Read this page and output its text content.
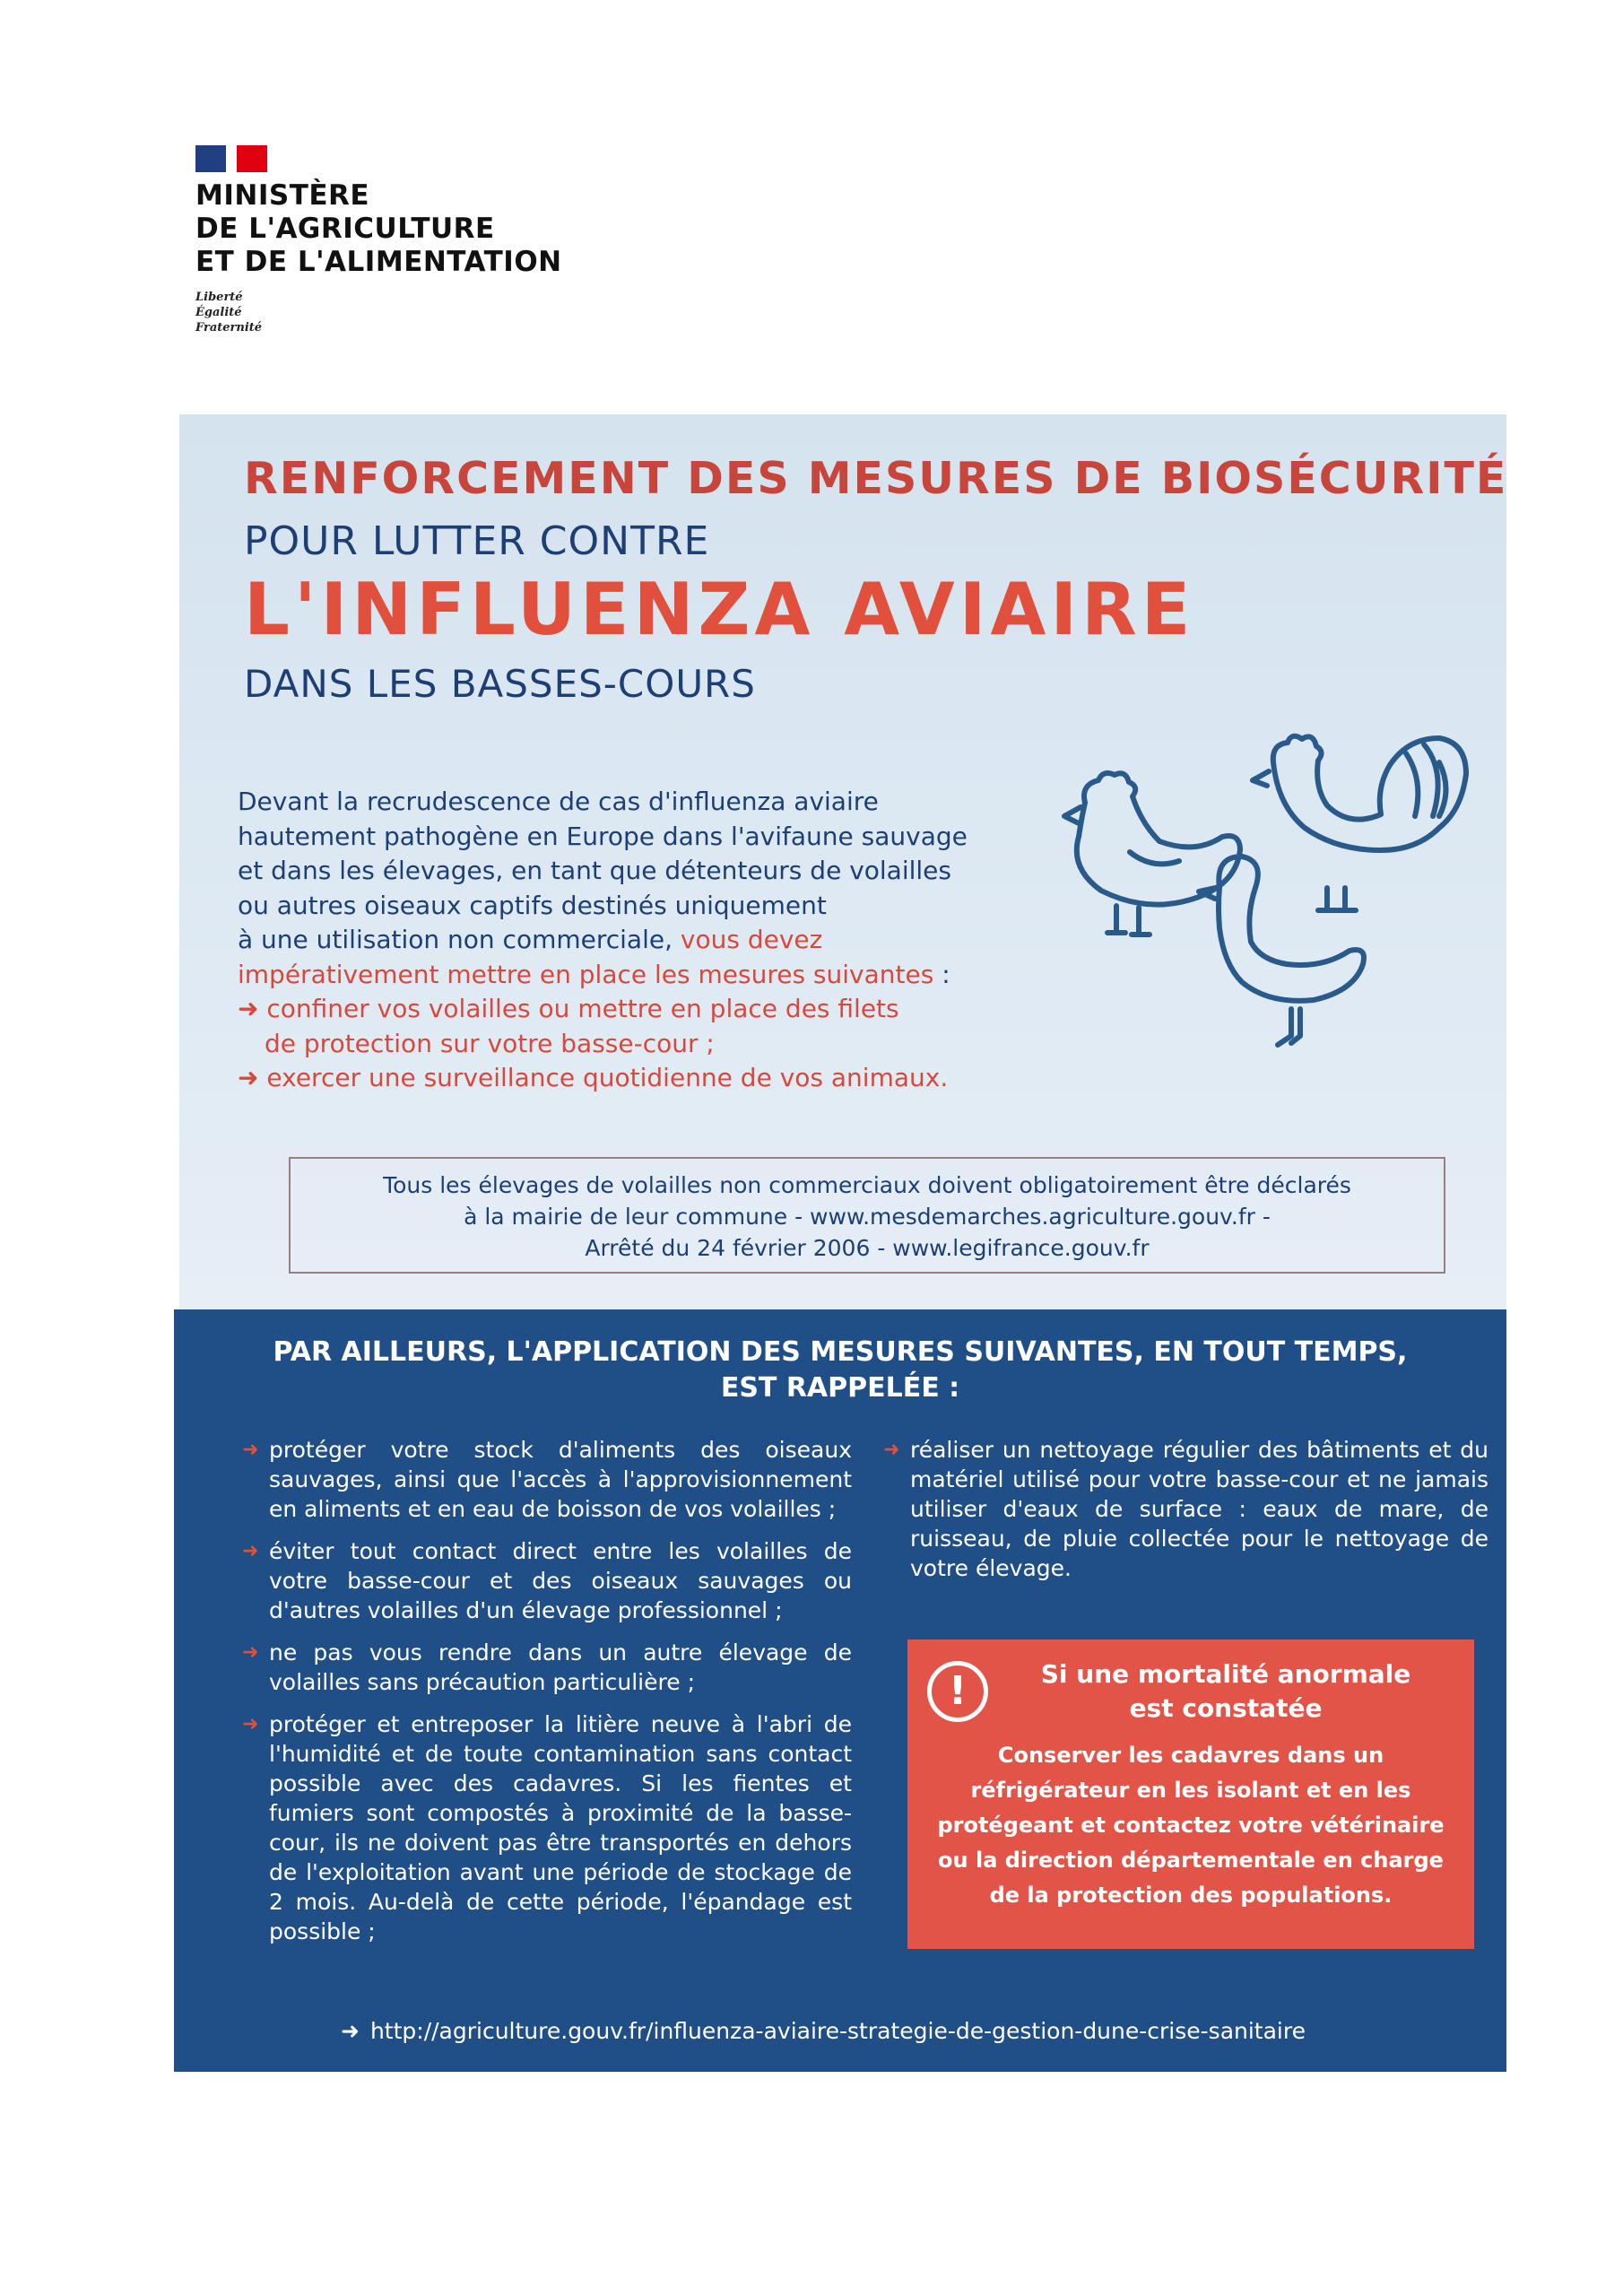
MINISTÈRE
DE L'AGRICULTURE
ET DE L'ALIMENTATION
Liberté
Égalité
Fraternité
RENFORCEMENT DES MESURES DE BIOSÉCURITÉ
POUR LUTTER CONTRE
L'INFLUENZA AVIAIRE
DANS LES BASSES-COURS
Devant la recrudescence de cas d'influenza aviaire
hautement pathogène en Europe dans l'avifaune sauvage
et dans les élevages, en tant que détenteurs de volailles
ou autres oiseaux captifs destinés uniquement
à une utilisation non commerciale, vous devez
impérativement mettre en place les mesures suivantes :
➜ confiner vos volailles ou mettre en place des filets
de protection sur votre basse-cour ;
➜ exercer une surveillance quotidienne de vos animaux.
Tous les élevages de volailles non commerciaux doivent obligatoirement être déclarés
à la mairie de leur commune - www.mesdemarches.agriculture.gouv.fr -
Arrêté du 24 février 2006 - www.legifrance.gouv.fr
PAR AILLEURS, L'APPLICATION DES MESURES SUIVANTES, EN TOUT TEMPS,
EST RAPPELÉE :
➜ protéger votre stock d'aliments des oiseaux sauvages, ainsi que l'accès à l'approvisionnement en aliments et en eau de boisson de vos volailles ;
➜ éviter tout contact direct entre les volailles de votre basse-cour et des oiseaux sauvages ou d'autres volailles d'un élevage professionnel ;
➜ ne pas vous rendre dans un autre élevage de volailles sans précaution particulière ;
➜ protéger et entreposer la litière neuve à l'abri de l'humidité et de toute contamination sans contact possible avec des cadavres. Si les fientes et fumiers sont compostés à proximité de la basse-cour, ils ne doivent pas être transportés en dehors de l'exploitation avant une période de stockage de 2 mois. Au-delà de cette période, l'épandage est possible ;
➜ réaliser un nettoyage régulier des bâtiments et du matériel utilisé pour votre basse-cour et ne jamais utiliser d'eaux de surface : eaux de mare, de ruisseau, de pluie collectée pour le nettoyage de votre élevage.
!	Si une mortalité anormale
est constatée
Conserver les cadavres dans un réfrigérateur en les isolant et en les protégeant et contactez votre vétérinaire ou la direction départementale en charge de la protection des populations.
➜ http://agriculture.gouv.fr/influenza-aviaire-strategie-de-gestion-dune-crise-sanitaire
